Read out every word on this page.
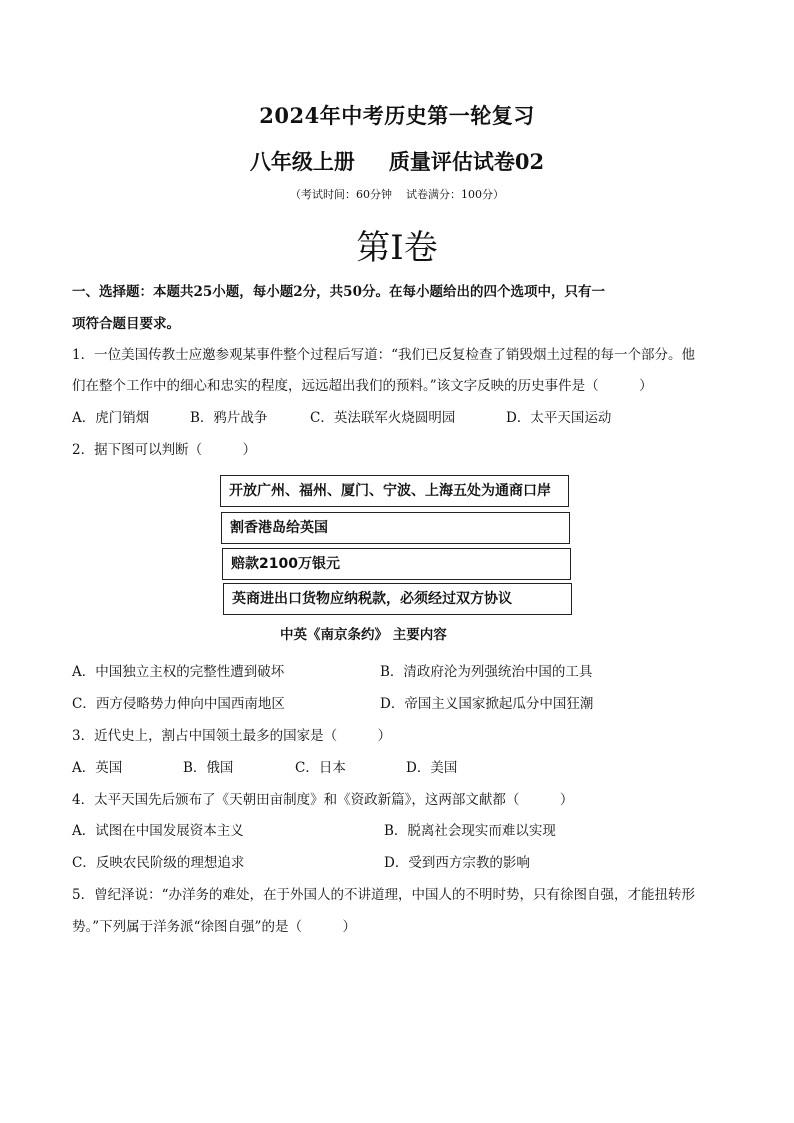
2024年中考历史第一轮复习
八年级上册 质量评估试卷02
（考试时间：60分钟 试卷满分：100分）
第Ⅰ卷
一、选择题：本题共25小题，每小题2分，共50分。在每小题给出的四个选项中，只有一
项符合题目要求。
1．一位美国传教士应邀参观某事件整个过程后写道：“我们已反复检查了销毁烟土过程的每一个部分。他
们在整个工作中的细心和忠实的程度，远远超出我们的预料。”该文字反映的历史事件是（　　　）
A．虎门销烟	B．鸦片战争	C．英法联军火烧圆明园	D．太平天国运动
2．据下图可以判断（　　　）
开放广州、福州、厦门、宁波、上海五处为通商口岸
割香港岛给英国
赔款2100万银元
英商进出口货物应纳税款，必须经过双方协议
中英《南京条约》 主要内容
A．中国独立主权的完整性遭到破坏	B．清政府沦为列强统治中国的工具
C．西方侵略势力伸向中国西南地区	D．帝国主义国家掀起瓜分中国狂潮
3．近代史上，割占中国领土最多的国家是（　　　）
A．英国	B．俄国	C．日本	D．美国
4．太平天国先后颁布了《天朝田亩制度》和《资政新篇》，这两部文献都（　　　）
A．试图在中国发展资本主义	B．脱离社会现实而难以实现
C．反映农民阶级的理想追求	D．受到西方宗教的影响
5．曾纪泽说：“办洋务的难处，在于外国人的不讲道理，中国人的不明时势，只有徐图自强，才能扭转形
势。”下列属于洋务派“徐图自强”的是（　　　）
